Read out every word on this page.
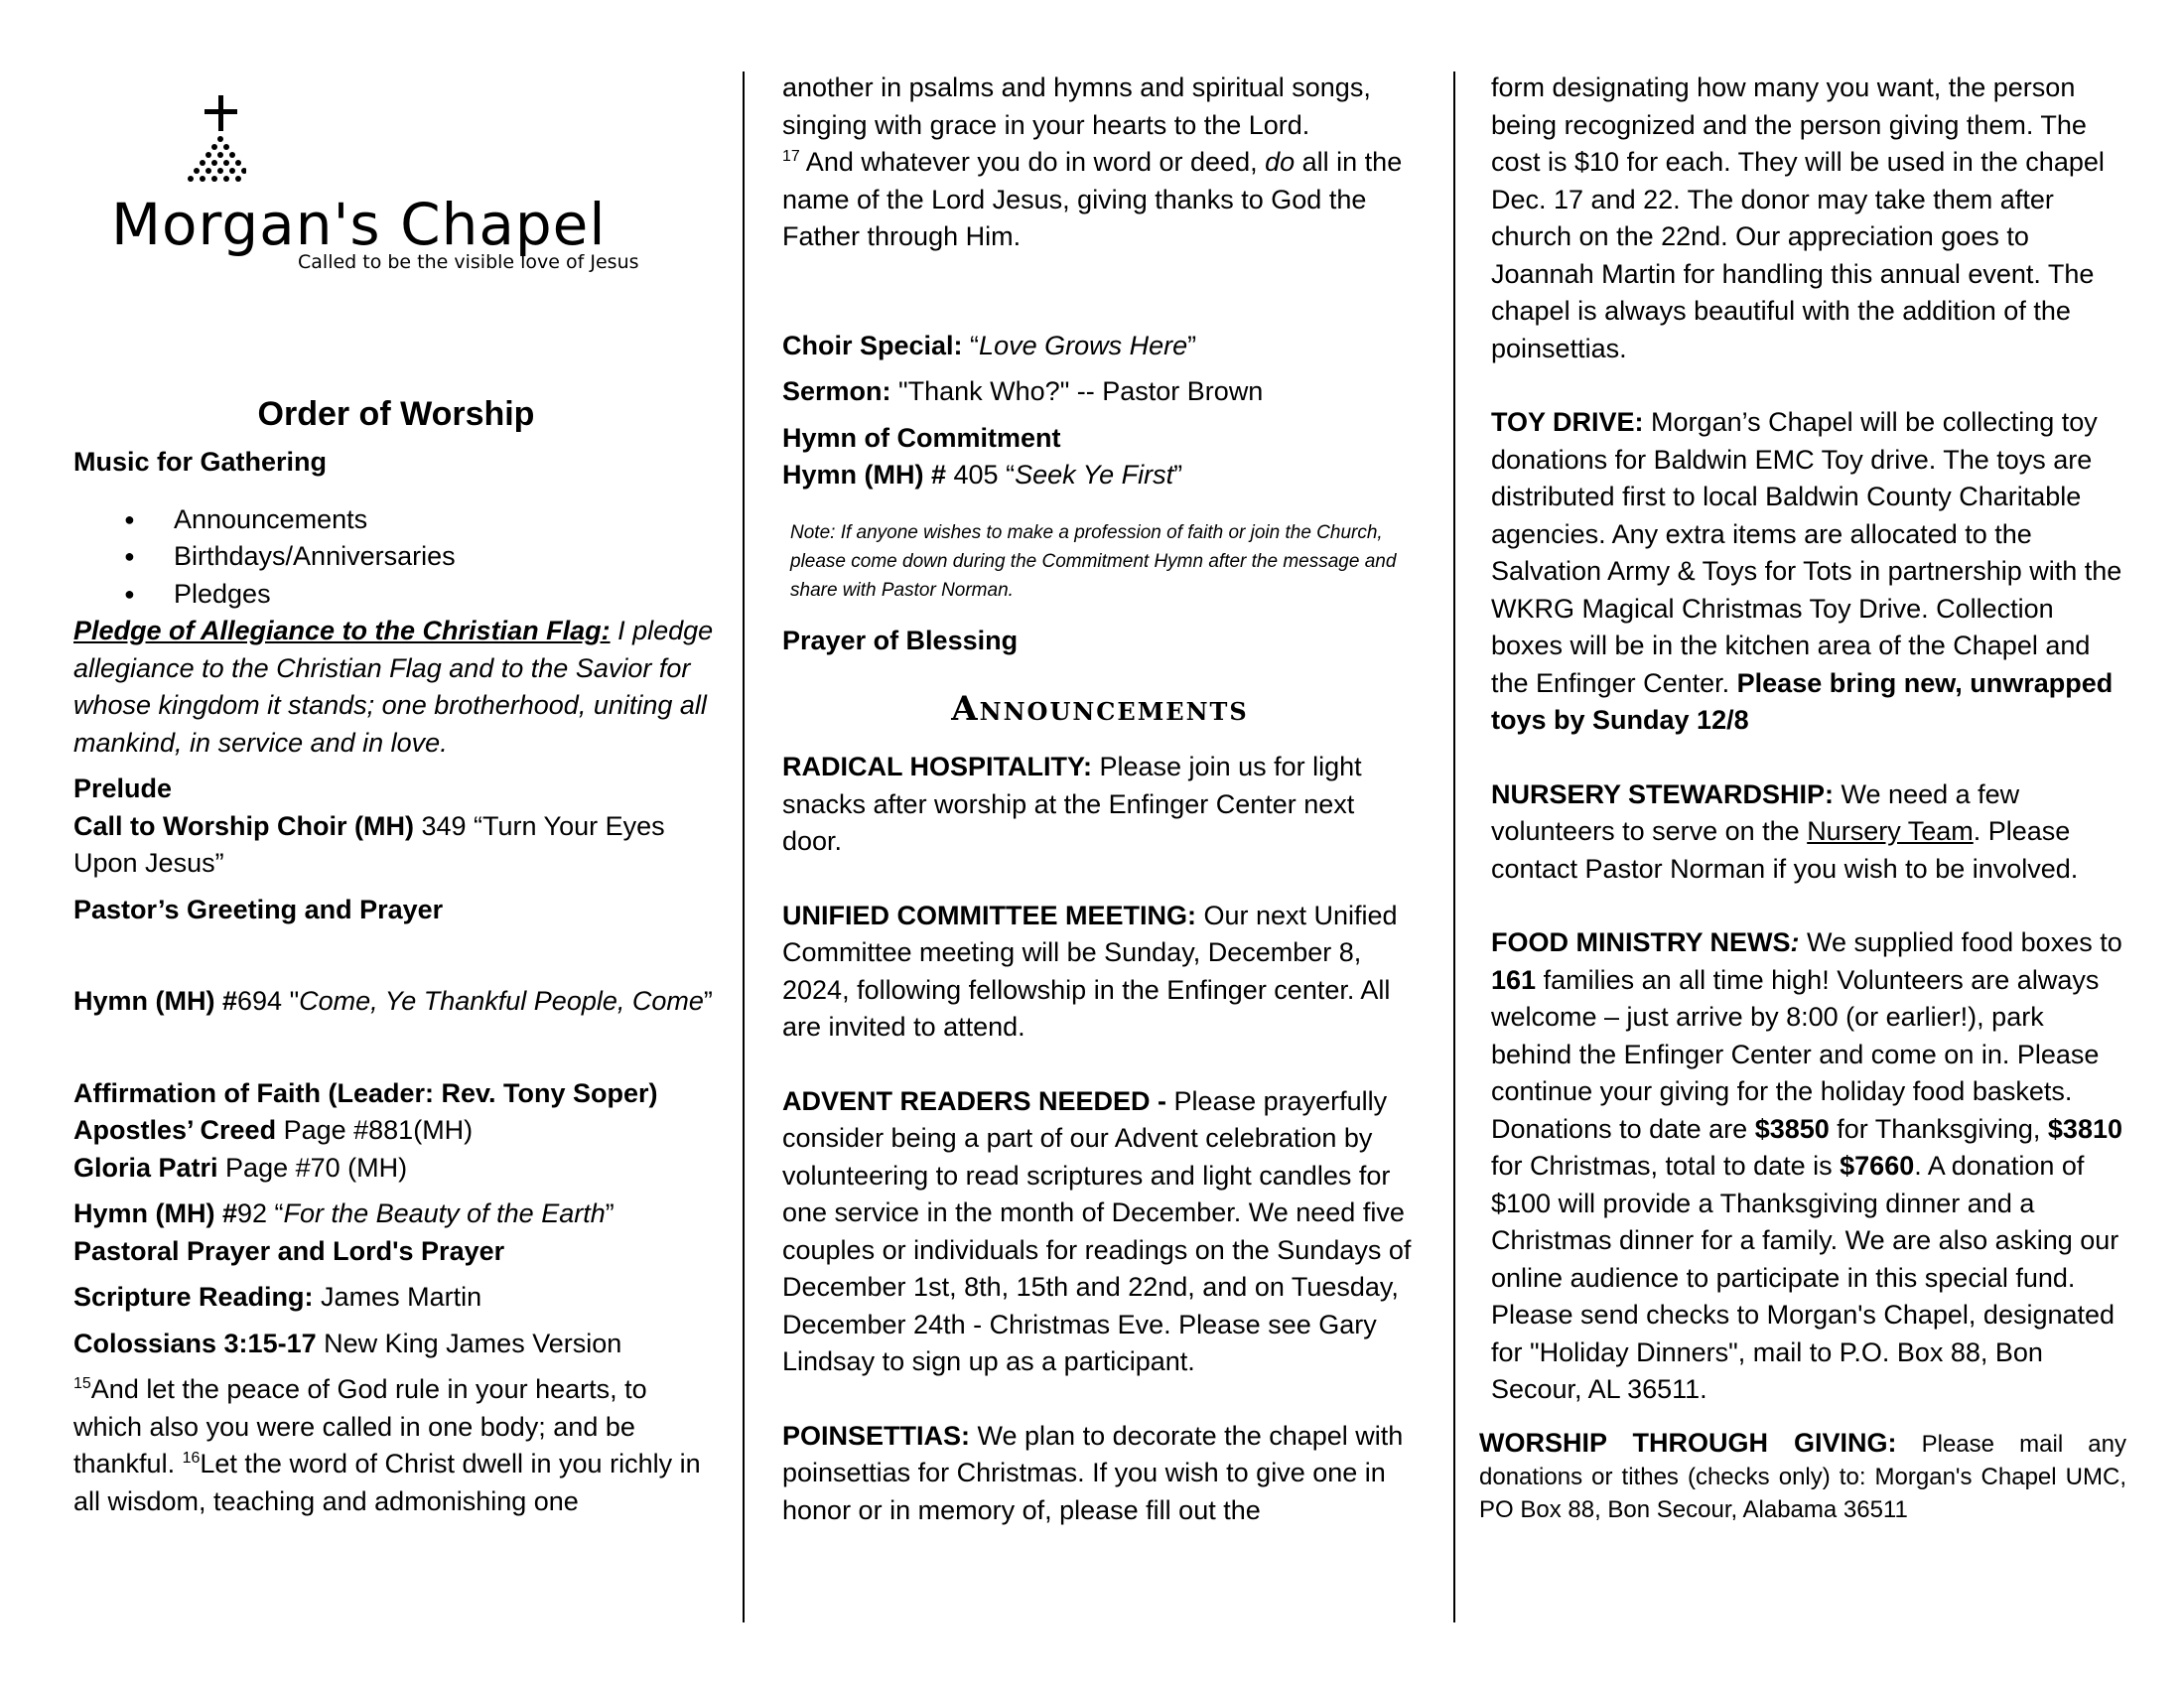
Morgan's Chapel
Called to be the visible love of Jesus
Order of Worship

Music for Gathering

● Announcements
● Birthdays/Anniversaries
● Pledges

Pledge of Allegiance to the Christian Flag: I pledge allegiance to the Christian Flag and to the Savior for whose kingdom it stands; one brotherhood, uniting all mankind, in service and in love.

Prelude

Call to Worship Choir (MH) 349 “Turn Your Eyes Upon Jesus”

Pastor’s Greeting and Prayer

Hymn (MH) #694 "Come, Ye Thankful People, Come”

Affirmation of Faith (Leader: Rev. Tony Soper)

Apostles’ Creed Page #881(MH)

Gloria Patri Page #70 (MH)

Hymn (MH) #92 “For the Beauty of the Earth”

Pastoral Prayer and Lord's Prayer

Scripture Reading: James Martin

Colossians 3:15-17 New King James Version

$^{15}$And let the peace of God rule in your hearts, to which also you were called in one body; and be thankful. $^{16}$Let the word of Christ dwell in you richly in all wisdom, teaching and admonishing one

another in psalms and hymns and spiritual songs, singing with grace in your hearts to the Lord.
$^{17}$ And whatever you do in word or deed, do all in the name of the Lord Jesus, giving thanks to God the Father through Him.

Choir Special: “Love Grows Here”

Sermon: "Thank Who?" -- Pastor Brown

Hymn of Commitment

Hymn (MH) # 405 “Seek Ye First”

Note: If anyone wishes to make a profession of faith or join the Church, please come down during the Commitment Hymn after the message and share with Pastor Norman.

Prayer of Blessing

Announcements

RADICAL HOSPITALITY: Please join us for light snacks after worship at the Enfinger Center next door.

UNIFIED COMMITTEE MEETING: Our next Unified Committee meeting will be Sunday, December 8, 2024, following fellowship in the Enfinger center. All are invited to attend.

ADVENT READERS NEEDED - Please prayerfully consider being a part of our Advent celebration by volunteering to read scriptures and light candles for one service in the month of December. We need five couples or individuals for readings on the Sundays of December 1st, 8th, 15th and 22nd, and on Tuesday, December 24th - Christmas Eve. Please see Gary Lindsay to sign up as a participant.

POINSETTIAS: We plan to decorate the chapel with poinsettias for Christmas. If you wish to give one in honor or in memory of, please fill out the

form designating how many you want, the person being recognized and the person giving them. The cost is $10 for each. They will be used in the chapel Dec. 17 and 22. The donor may take them after church on the 22nd. Our appreciation goes to Joannah Martin for handling this annual event. The chapel is always beautiful with the addition of the poinsettias.

TOY DRIVE: Morgan’s Chapel will be collecting toy donations for Baldwin EMC Toy drive. The toys are distributed first to local Baldwin County Charitable agencies. Any extra items are allocated to the Salvation Army & Toys for Tots in partnership with the WKRG Magical Christmas Toy Drive. Collection boxes will be in the kitchen area of the Chapel and the Enfinger Center. Please bring new, unwrapped toys by Sunday 12/8

NURSERY STEWARDSHIP: We need a few volunteers to serve on the Nursery Team. Please contact Pastor Norman if you wish to be involved.

FOOD MINISTRY NEWS: We supplied food boxes to 161 families an all time high! Volunteers are always welcome – just arrive by 8:00 (or earlier!), park behind the Enfinger Center and come on in. Please continue your giving for the holiday food baskets. Donations to date are $3850 for Thanksgiving, $3810 for Christmas, total to date is $7660. A donation of $100 will provide a Thanksgiving dinner and a Christmas dinner for a family. We are also asking our online audience to participate in this special fund. Please send checks to Morgan's Chapel, designated for "Holiday Dinners", mail to P.O. Box 88, Bon Secour, AL 36511.

WORSHIP THROUGH GIVING: Please mail any donations or tithes (checks only) to: Morgan's Chapel UMC, PO Box 88, Bon Secour, Alabama 36511
